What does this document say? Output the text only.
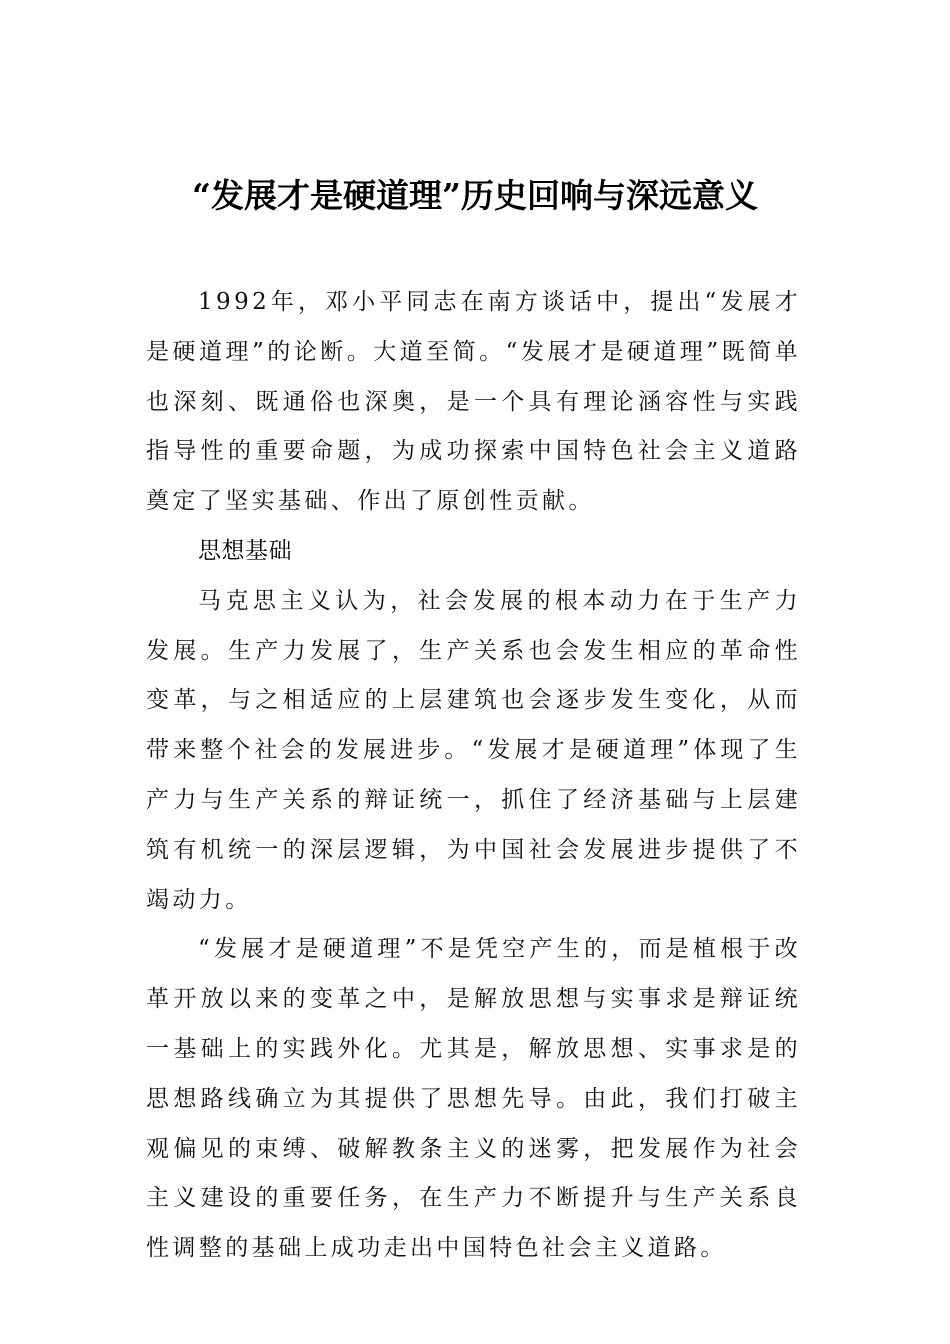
“发展才是硬道理”历史回响与深远意义

1992年，邓小平同志在南方谈话中，提出“发展才是硬道理”的论断。大道至简。“发展才是硬道理”既简单也深刻、既通俗也深奥，是一个具有理论涵容性与实践指导性的重要命题，为成功探索中国特色社会主义道路奠定了坚实基础、作出了原创性贡献。

思想基础

马克思主义认为，社会发展的根本动力在于生产力发展。生产力发展了，生产关系也会发生相应的革命性变革，与之相适应的上层建筑也会逐步发生变化，从而带来整个社会的发展进步。“发展才是硬道理”体现了生产力与生产关系的辩证统一，抓住了经济基础与上层建筑有机统一的深层逻辑，为中国社会发展进步提供了不竭动力。

“发展才是硬道理”不是凭空产生的，而是植根于改革开放以来的变革之中，是解放思想与实事求是辩证统一基础上的实践外化。尤其是，解放思想、实事求是的思想路线确立为其提供了思想先导。由此，我们打破主观偏见的束缚、破解教条主义的迷雾，把发展作为社会主义建设的重要任务，在生产力不断提升与生产关系良性调整的基础上成功走出中国特色社会主义道路。
